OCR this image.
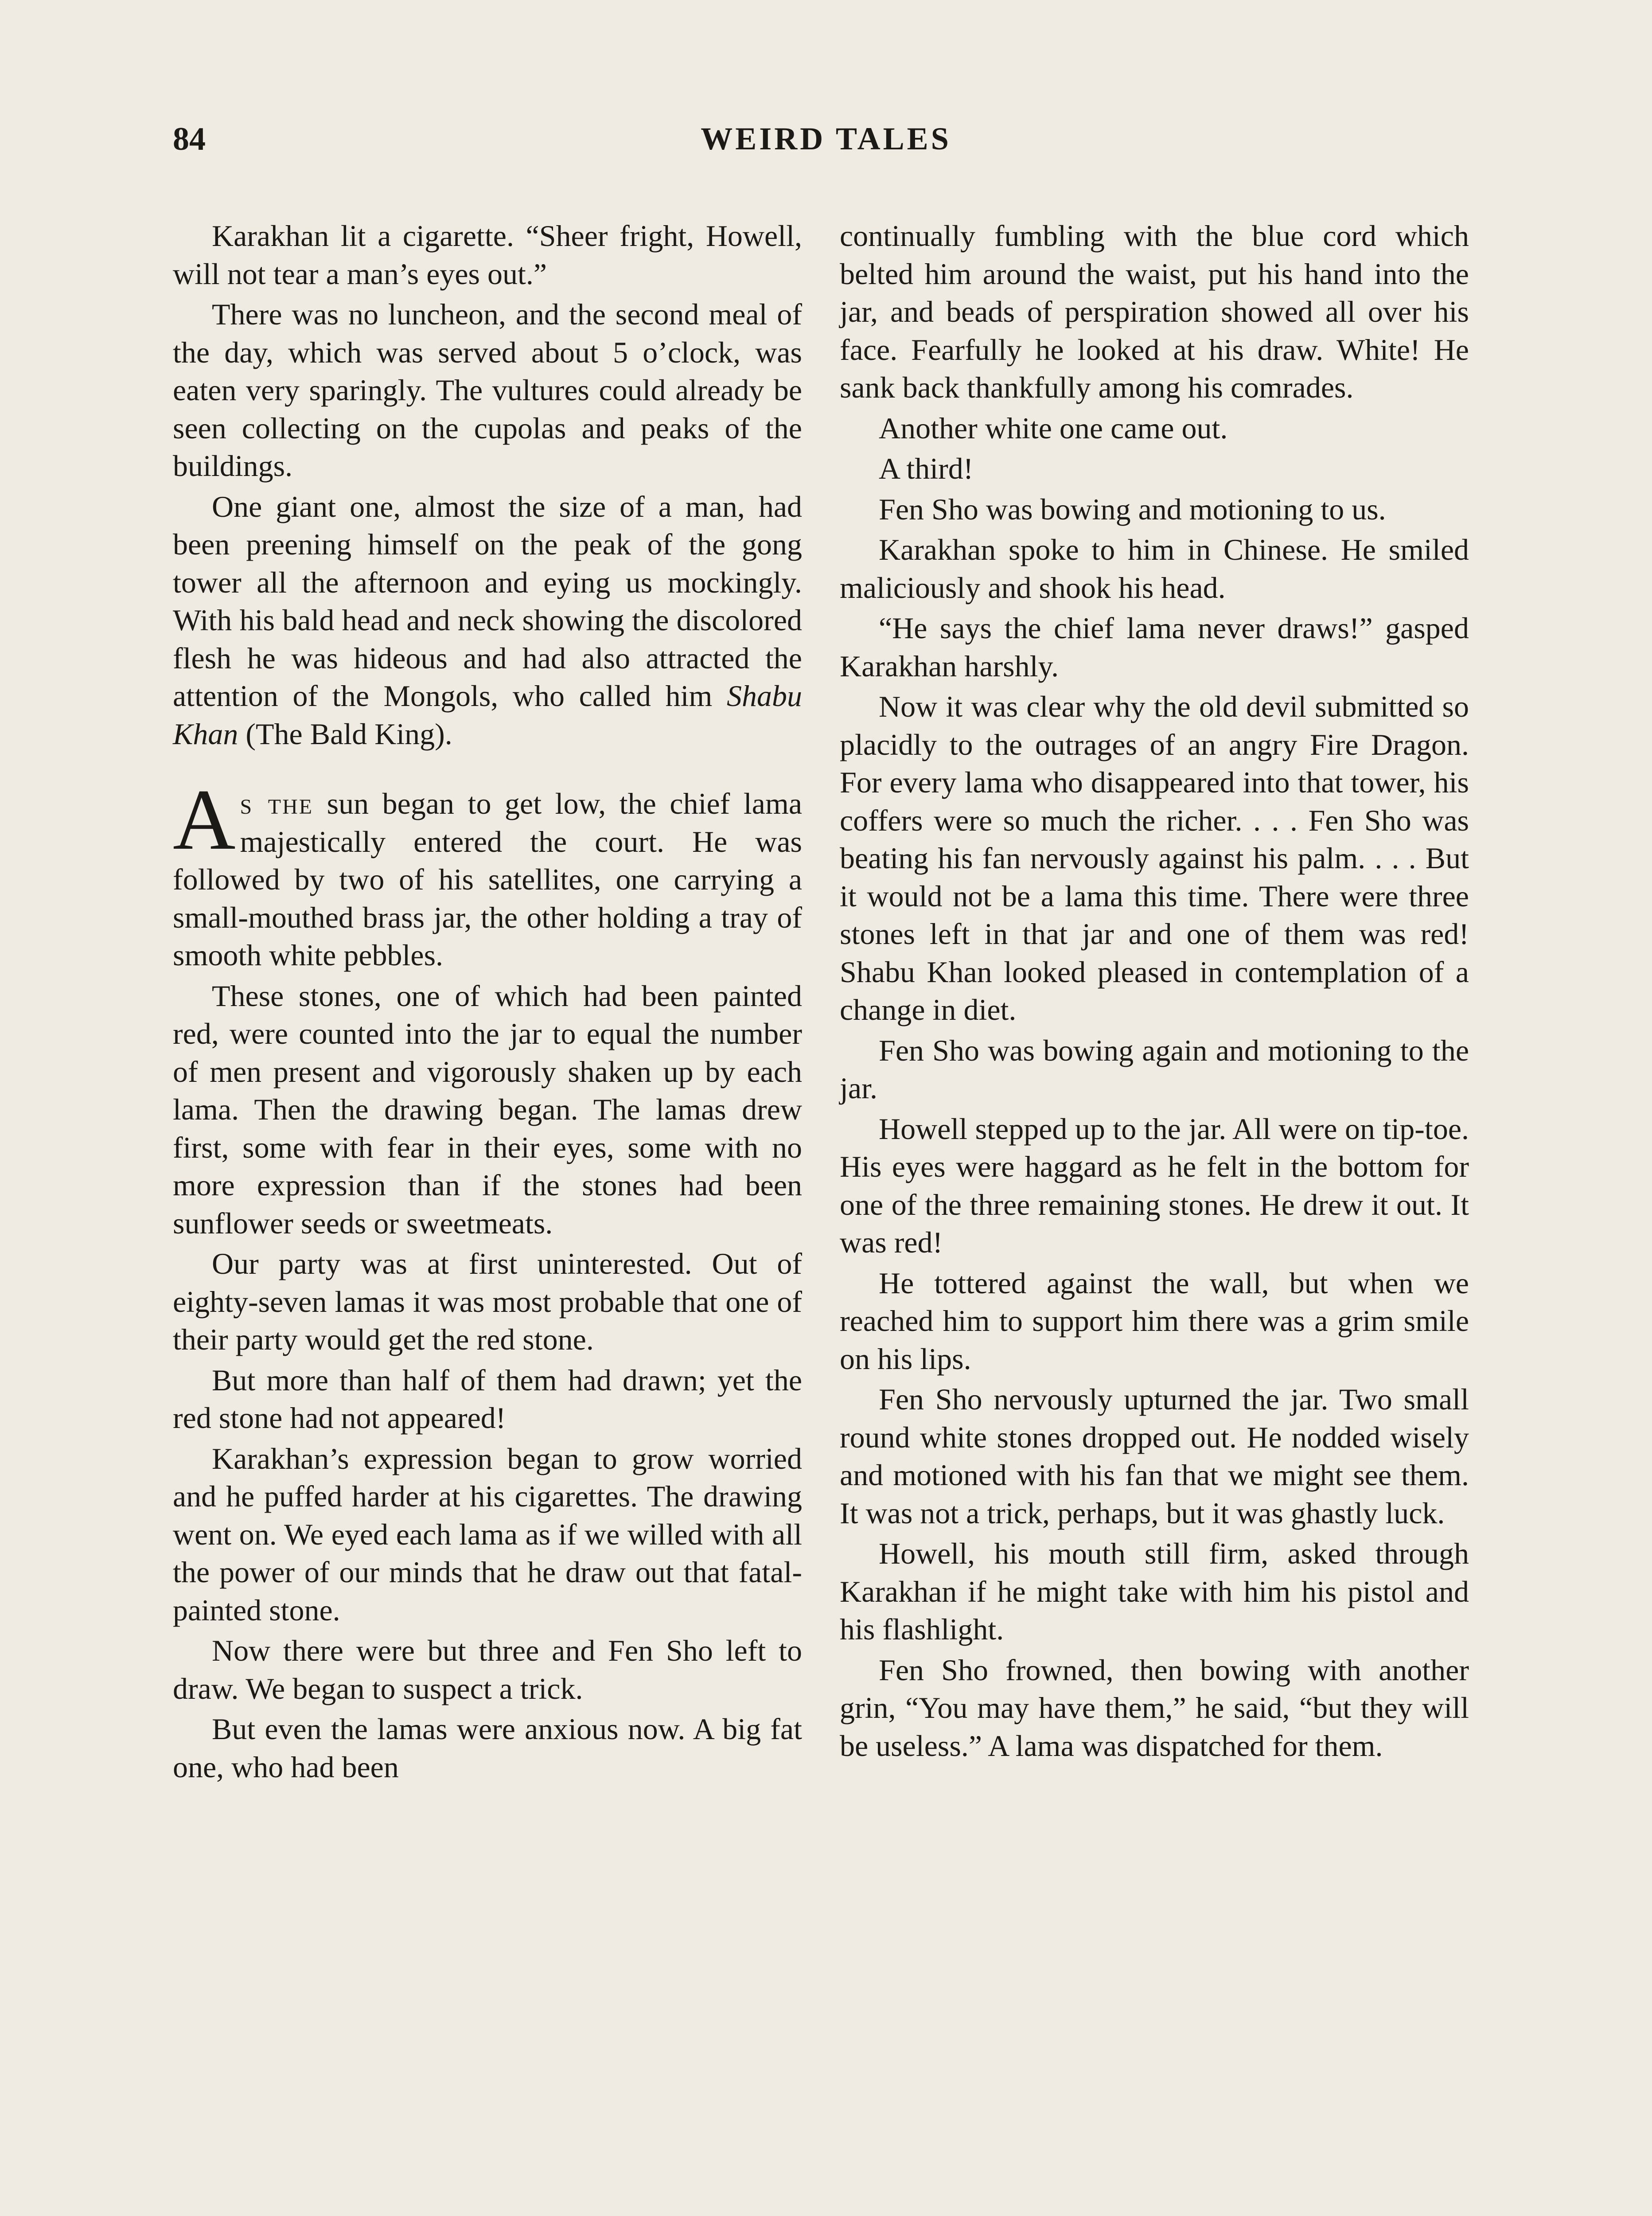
84	WEIRD TALES

Karakhan lit a cigarette. “Sheer fright, Howell, will not tear a man’s eyes out.”

There was no luncheon, and the second meal of the day, which was served about 5 o’clock, was eaten very sparingly. The vultures could already be seen collecting on the cupolas and peaks of the buildings.

One giant one, almost the size of a man, had been preening himself on the peak of the gong tower all the afternoon and eying us mockingly. With his bald head and neck showing the discolored flesh he was hideous and had also attracted the attention of the Mongols, who called him Shabu Khan (The Bald King).

As the sun began to get low, the chief lama majestically entered the court. He was followed by two of his satellites, one carrying a small-mouthed brass jar, the other holding a tray of smooth white pebbles.

These stones, one of which had been painted red, were counted into the jar to equal the number of men present and vigorously shaken up by each lama. Then the drawing began. The lamas drew first, some with fear in their eyes, some with no more expression than if the stones had been sunflower seeds or sweetmeats.

Our party was at first uninterested. Out of eighty-seven lamas it was most probable that one of their party would get the red stone.

But more than half of them had drawn; yet the red stone had not appeared!

Karakhan’s expression began to grow worried and he puffed harder at his cigarettes. The drawing went on. We eyed each lama as if we willed with all the power of our minds that he draw out that fatal-painted stone.

Now there were but three and Fen Sho left to draw. We began to suspect a trick.

But even the lamas were anxious now. A big fat one, who had been

continually fumbling with the blue cord which belted him around the waist, put his hand into the jar, and beads of perspiration showed all over his face. Fearfully he looked at his draw. White! He sank back thankfully among his comrades.

Another white one came out.

A third!

Fen Sho was bowing and motioning to us.

Karakhan spoke to him in Chinese. He smiled maliciously and shook his head.

“He says the chief lama never draws!” gasped Karakhan harshly.

Now it was clear why the old devil submitted so placidly to the outrages of an angry Fire Dragon. For every lama who disappeared into that tower, his coffers were so much the richer. . . . Fen Sho was beating his fan nervously against his palm. . . . But it would not be a lama this time. There were three stones left in that jar and one of them was red! Shabu Khan looked pleased in contemplation of a change in diet.

Fen Sho was bowing again and motioning to the jar.

Howell stepped up to the jar. All were on tip-toe. His eyes were haggard as he felt in the bottom for one of the three remaining stones. He drew it out. It was red!

He tottered against the wall, but when we reached him to support him there was a grim smile on his lips.

Fen Sho nervously upturned the jar. Two small round white stones dropped out. He nodded wisely and motioned with his fan that we might see them. It was not a trick, perhaps, but it was ghastly luck.

Howell, his mouth still firm, asked through Karakhan if he might take with him his pistol and his flashlight.

Fen Sho frowned, then bowing with another grin, “You may have them,” he said, “but they will be useless.” A lama was dispatched for them.
